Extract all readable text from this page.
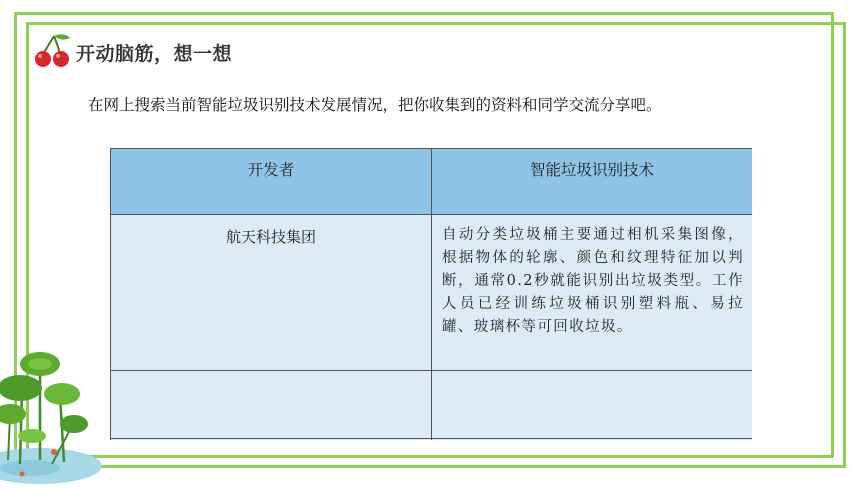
开动脑筋，想一想
在网上搜索当前智能垃圾识别技术发展情况，把你收集到的资料和同学交流分享吧。
开发者	智能垃圾识别技术
航天科技集团	自动分类垃圾桶主要通过相机采集图像，根据物体的轮廓、颜色和纹理特征加以判断，通常0.2秒就能识别出垃圾类型。工作人员已经训练垃圾桶识别塑料瓶、易拉罐、玻璃杯等可回收垃圾。
